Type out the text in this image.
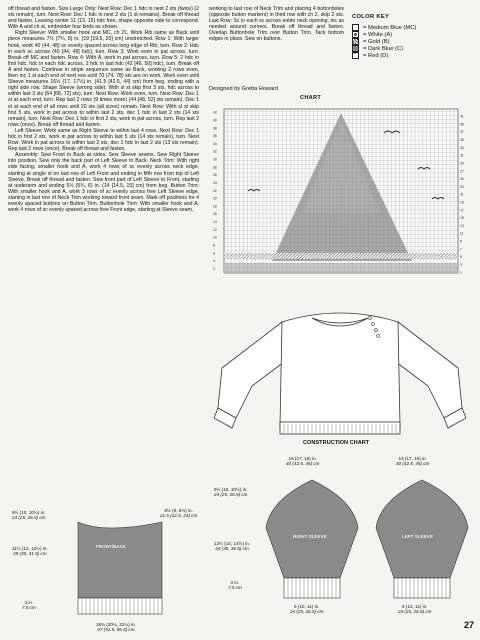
off thread and fasten. Size Large Only: Next Row: Dec 1 hdc in next 2 sts (twice) (2 sts remain), turn. Next Row: Dec 1 hdc in next 2 sts (1 st remains). Break off thread and fasten. Leaving center 11 (13, 15) hdc free, shape opposite side to correspond. With A and ch st, embroider four birds as shown.

Right Sleeve: With smaller hook and MC, ch 21. Work Rib same as Back until piece measures 7½ (7¾, 8) in. (19 [19.5, 20] cm) unstretched. Row 1: With larger hook, work 40 (44, 48) sc evenly spaced across long edge of Rib, turn. Row 2: Hdc in each sc across (40 [44, 48] hdc), turn. Row 3: Work even in pat across, turn. Break off MC and fasten. Row 4: With A, work in pat across, turn. Row 5: 2 hdc in first hdc, hdc in each hdc across, 2 hdc in last hdc (42 [46, 50] hdc), turn. Break off A and fasten. Continue in stripe sequence same as Back, working 2 rows even, then inc 1 st each end of next row until 70 (74, 78) sts are on work. Work even until Sleeve measures 16½ (17, 17½) in. (41.5 [42.5, 44] cm) from beg, ending with a right side row. Shape Sleeve (wrong side): With sl st skip first 3 sts, hdc across to within last 3 sts (64 [68, 72] sts), turn. Next Row: Work even, turn. Next Row: Dec 1 st at each end, turn. Rep last 2 rows (9 times more) (44 [48, 52] sts remain). Dec 1 st at each end of all rows until 20 sts (all sizes) remain. Next Row: With sl st skip first 5 sts, work in pat across to within last 2 sts, dec 1 hdc in last 2 sts (14 sts remain), turn. Next Row: Dec 1 hdc in first 2 sts, work in pat across, turn. Rep last 2 rows (once). Break off thread and fasten.

Left Sleeve: Work same as Right Sleeve to within last 4 rows. Next Row: Dec 1 hdc in first 2 sts, work in pat across to within last 5 sts (14 sts remain), turn. Next Row: Work in pat across to within last 2 sts, dec 1 hdc in last 2 sts (13 sts remain). Rep last 2 rows (once). Break off thread and fasten.

Assembly: Sew Front to Back at sides. Sew Sleeve seams. Sew Right Sleeve into position. Sew only the back part of Left Sleeve to Back. Neck Trim: With right side facing, smaller hook and A, work 4 rows of sc evenly across neck edge, starting at single st on last row of Left Front and ending in fifth row from top of Left Sleeve. Break off thread and fasten. Sew front part of Left Sleeve to Front, starting at underarm and ending 5½ (5¾, 6) in. (14 [14.5, 15] cm) from beg. Button Trim: With smaller hook and A, work 3 rows of sc evenly across free Left Sleeve edge, starting in last row of Neck Trim working toward front seam. Mark off positions for 4 evenly spaced buttons on Button Trim. Buttonhole Trim: With smaller hook and A, work 4 rows of sc evenly spaced across free Front edge, starting at Sleeve seam,

working to last row of Neck Trim and placing 4 buttonholes (opposite button markers) in third row with ch 2, skip 2 sts. Last Row: Sc in each sc across entire neck opening, inc as needed around corners. Break off thread and fasten. Overlap Buttonhole Trim over Button Trim. Tack bottom edges in place. Sew on buttons.
COLOR KEY
= Medium Blue (MC)
= White (A)
= Gold (B)
= Dark Blue (C)
×
= Red (D)
Designed by Gretta Howard
CHART
42
40
38
36
34
32
30
28
26
24
22
20
18
16
14
12
10
8
6
4
2
41
39
37
35
33
31
29
27
25
23
21
19
17
15
13
11
9
7
5
3
1
CONSTRUCTION CHART
FRONT/BACK
9½ (10, 10½) in.
24 (25, 26.5) cm
8½ (9, 9½) in.
21.5 (22.5, 24) cm
11½ (12, 12½) in.
29 (30, 31.5) cm
3 in.
7.5 cm
18¾ (20¼, 22¼) in.
47 (51.5, 56.5) cm
RIGHT SLEEVE
16 (17, 18) in.
40 (42.5, 45) cm
9½ (10, 10½) in.
24 (25, 26.5) cm
13½ (14, 14½) in.
34 (35, 36.5) cm
3 in.
7.5 cm
9 (10, 11) in.
24 (25, 26.5) cm
LEFT SLEEVE
16 (17, 18) in.
40 (42.5, 45) cm
9 (10, 11) in.
24 (25, 26.5) cm
27
